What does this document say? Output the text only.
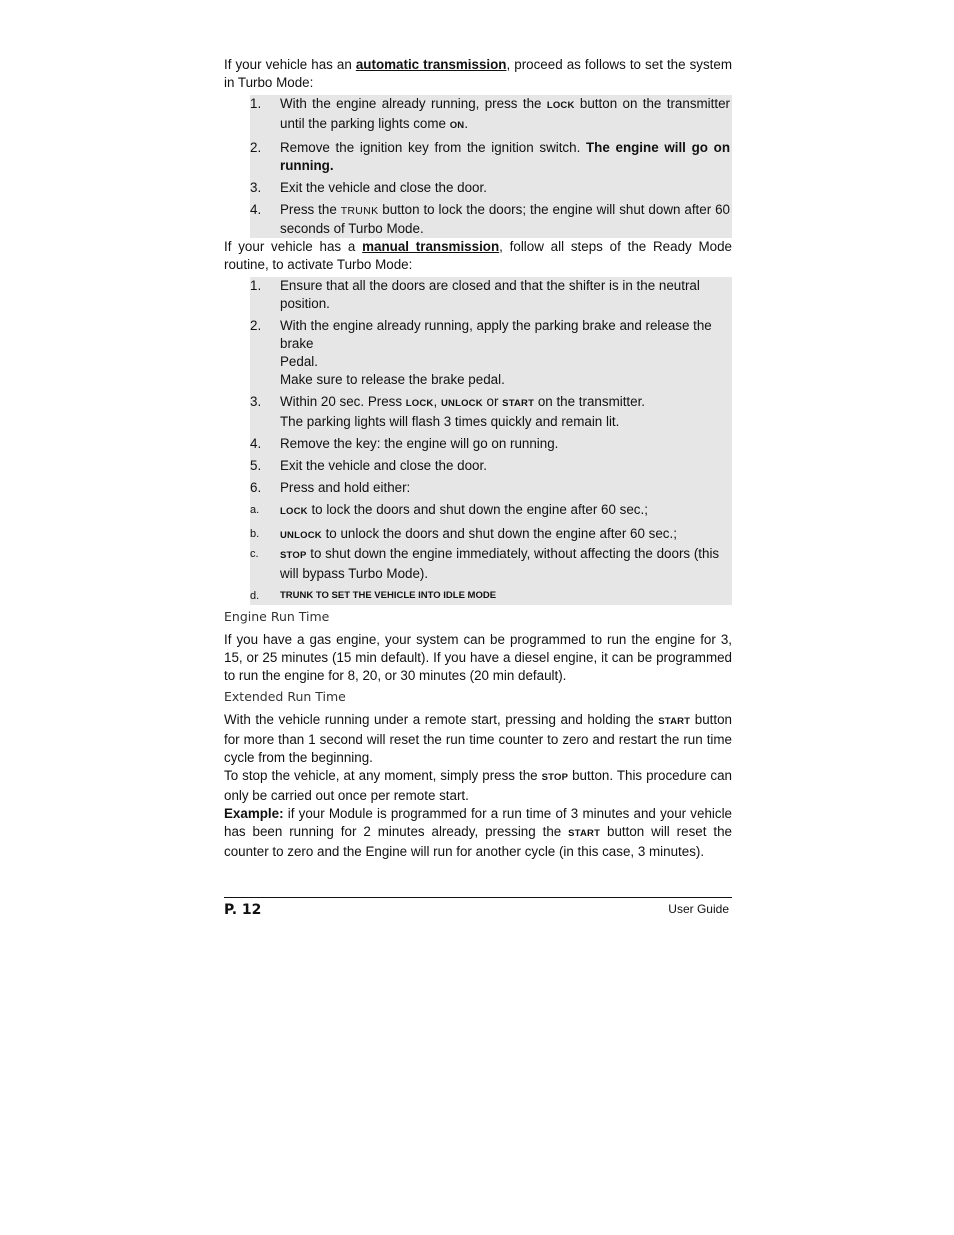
If your vehicle has an automatic transmission, proceed as follows to set the system in Turbo Mode:

1.	With the engine already running, press the LOCK button on the transmitter until the parking lights come ON.
2.	Remove the ignition key from the ignition switch. The engine will go on running.
3.	Exit the vehicle and close the door.
4.	Press the TRUNK button to lock the doors; the engine will shut down after 60 seconds of Turbo Mode.

If your vehicle has a manual transmission, follow all steps of the Ready Mode routine, to activate Turbo Mode:

1.	Ensure that all the doors are closed and that the shifter is in the neutral
position.
2.	With the engine already running, apply the parking brake and release the brake
Pedal.
Make sure to release the brake pedal.
3.	Within 20 sec. Press LOCK, UNLOCK or START on the transmitter.
The parking lights will flash 3 times quickly and remain lit.
4.	Remove the key: the engine will go on running.
5.	Exit the vehicle and close the door.
6.	Press and hold either:
a.	LOCK to lock the doors and shut down the engine after 60 sec.;
b.	UNLOCK to unlock the doors and shut down the engine after 60 sec.;
c.	STOP to shut down the engine immediately, without affecting the doors (this will bypass Turbo Mode).
d.	TRUNK TO SET THE VEHICLE INTO IDLE MODE
Engine Run Time

If you have a gas engine, your system can be programmed to run the engine for 3, 15, or 25 minutes (15 min default). If you have a diesel engine, it can be programmed to run the engine for 8, 20, or 30 minutes (20 min default).

Extended Run Time

With the vehicle running under a remote start, pressing and holding the START button for more than 1 second will reset the run time counter to zero and restart the run time cycle from the beginning.

To stop the vehicle, at any moment, simply press the STOP button. This procedure can only be carried out once per remote start.

Example: if your Module is programmed for a run time of 3 minutes and your vehicle has been running for 2 minutes already, pressing the START button will reset the counter to zero and the Engine will run for another cycle (in this case, 3 minutes).

P. 12	User Guide
